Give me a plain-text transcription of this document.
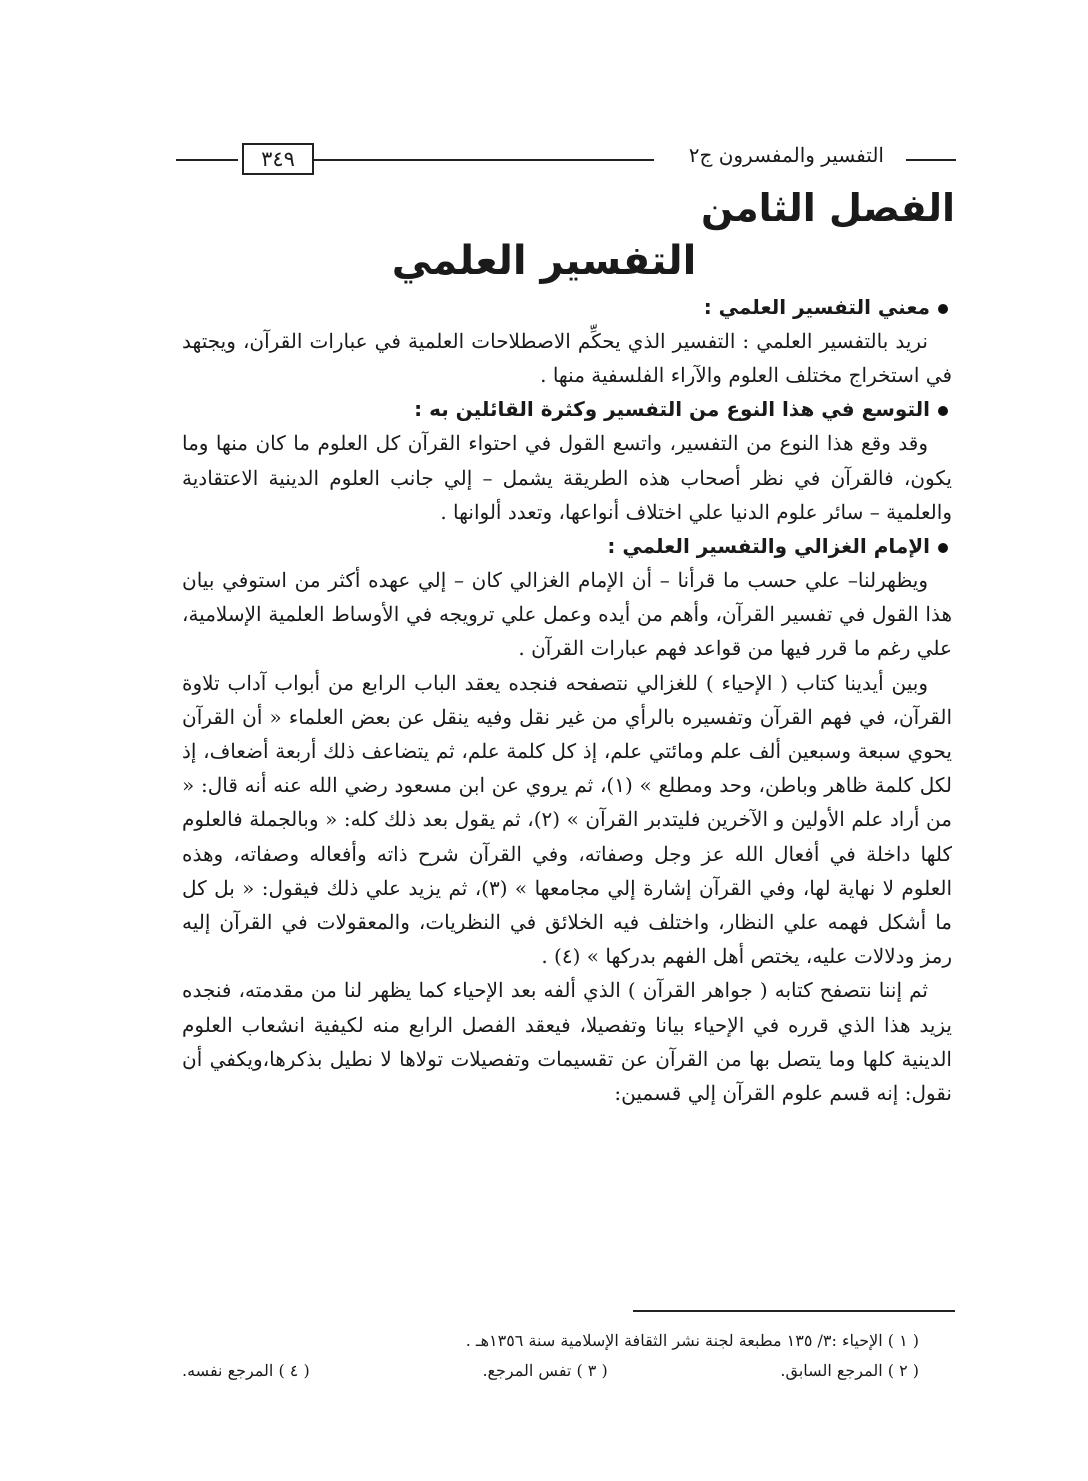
٣٤٩	التفسير والمفسرون ج٢
الفصل الثامن
التفسير العلمي

معني التفسير العلمي :

نريد بالتفسير العلمي : التفسير الذي يحكِّم الاصطلاحات العلمية في عبارات القرآن، ويجتهد في استخراج مختلف العلوم والآراء الفلسفية منها .

التوسع في هذا النوع من التفسير وكثرة القائلين به :

وقد وقع هذا النوع من التفسير، واتسع القول في احتواء القرآن كل العلوم ما كان منها وما يكون، فالقرآن في نظر أصحاب هذه الطريقة يشمل – إلي جانب العلوم الدينية الاعتقادية والعلمية – سائر علوم الدنيا علي اختلاف أنواعها، وتعدد ألوانها .

الإمام الغزالي والتفسير العلمي :

ويظهرلنا– علي حسب ما قرأنا – أن الإمام الغزالي كان – إلي عهده أكثر من استوفي بيان هذا القول في تفسير القرآن، وأهم من أيده وعمل علي ترويجه في الأوساط العلمية الإسلامية، علي رغم ما قرر فيها من قواعد فهم عبارات القرآن .

وبين أيدينا كتاب ( الإحياء ) للغزالي نتصفحه فنجده يعقد الباب الرابع من أبواب آداب تلاوة القرآن، في فهم القرآن وتفسيره بالرأي من غير نقل وفيه ينقل عن بعض العلماء « أن القرآن يحوي سبعة وسبعين ألف علم ومائتي علم، إذ كل كلمة علم، ثم يتضاعف ذلك أربعة أضعاف، إذ لكل كلمة ظاهر وباطن، وحد ومطلع » (١)، ثم يروي عن ابن مسعود رضي الله عنه أنه قال: « من أراد علم الأولين و الآخرين فليتدبر القرآن » (٢)، ثم يقول بعد ذلك كله: « وبالجملة فالعلوم كلها داخلة في أفعال الله عز وجل وصفاته، وفي القرآن شرح ذاته وأفعاله وصفاته، وهذه العلوم لا نهاية لها، وفي القرآن إشارة إلي مجامعها » (٣)، ثم يزيد علي ذلك فيقول: « بل كل ما أشكل فهمه علي النظار، واختلف فيه الخلائق في النظريات، والمعقولات في القرآن إليه رمز ودلالات عليه، يختص أهل الفهم بدركها » (٤) .

ثم إننا نتصفح كتابه ( جواهر القرآن ) الذي ألفه بعد الإحياء كما يظهر لنا من مقدمته، فنجده يزيد هذا الذي قرره في الإحياء بيانا وتفصيلا، فيعقد الفصل الرابع منه لكيفية انشعاب العلوم الدينية كلها وما يتصل بها من القرآن عن تقسيمات وتفصيلات تولاها لا نطيل بذكرها،ويكفي أن نقول: إنه قسم علوم القرآن إلي قسمين:

( ١ ) الإحياء :٣/ ١٣٥ مطبعة لجنة نشر الثقافة الإسلامية سنة ١٣٥٦هـ .
( ٢ ) المرجع السابق.
( ٣ ) تفس المرجع.
( ٤ ) المرجع نفسه.
